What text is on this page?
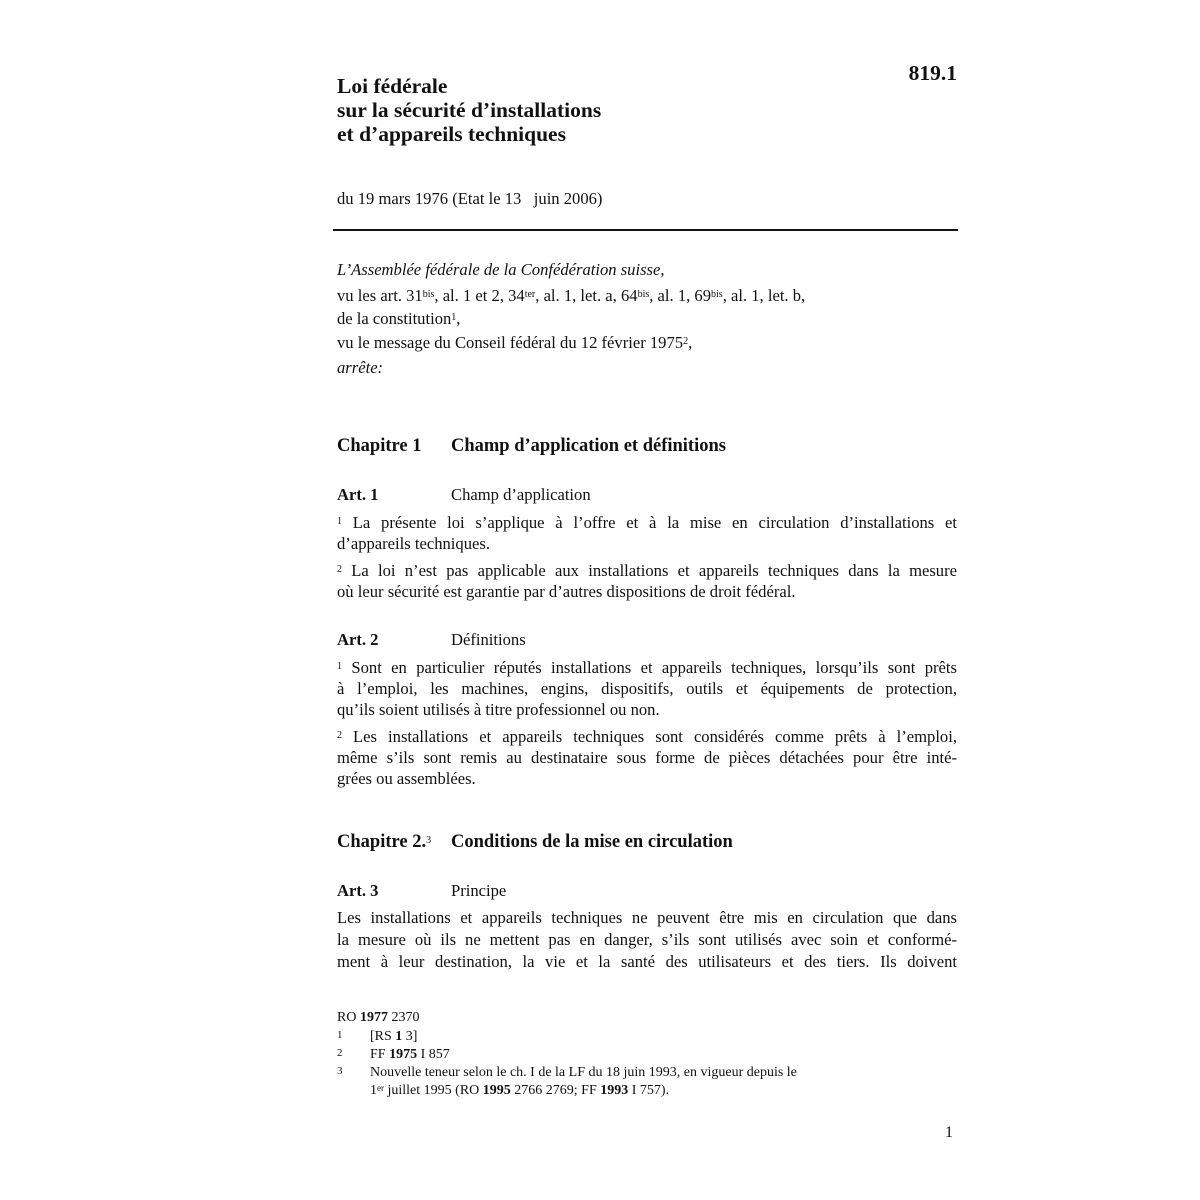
Loi fédérale
sur la sécurité d’installations
et d’appareils techniques
819.1
du 19 mars 1976 (Etat le 13   juin 2006)
L’Assemblée fédérale de la Confédération suisse,
vu les art. $31^{bis}$, al. 1 et 2, $34^{ter}$, al. 1, let. a, $64^{bis}$, al. 1, $69^{bis}$, al. 1, let. b,
de la constitution$^1$,
vu le message du Conseil fédéral du 12 février 1975$^2$,
arrête:
Chapitre 1 Champ d’application et définitions
Art. 1	Champ d’application
$^1$ La présente loi s’applique à l’offre et à la mise en circulation d’installations et
d’appareils techniques.
$^2$ La loi n’est pas applicable aux installations et appareils techniques dans la mesure
où leur sécurité est garantie par d’autres dispositions de droit fédéral.
Art. 2	Définitions
$^1$ Sont en particulier réputés installations et appareils techniques, lorsqu’ils sont prêts
à l’emploi, les machines, engins, dispositifs, outils et équipements de protection,
qu’ils soient utilisés à titre professionnel ou non.
$^2$ Les installations et appareils techniques sont considérés comme prêts à l’emploi,
même s’ils sont remis au destinataire sous forme de pièces détachées pour être inté-
grées ou assemblées.
Chapitre 2.$^3$ Conditions de la mise en circulation
Art. 3	Principe
Les installations et appareils techniques ne peuvent être mis en circulation que dans
la mesure où ils ne mettent pas en danger, s’ils sont utilisés avec soin et conformé-
ment à leur destination, la vie et la santé des utilisateurs et des tiers. Ils doivent
RO 1977 2370
1 [RS 1 3]
2 FF 1975 I 857
3 Nouvelle teneur selon le ch. I de la LF du 18 juin 1993, en vigueur depuis le
1er juillet 1995 (RO 1995 2766 2769; FF 1993 I 757).
1
